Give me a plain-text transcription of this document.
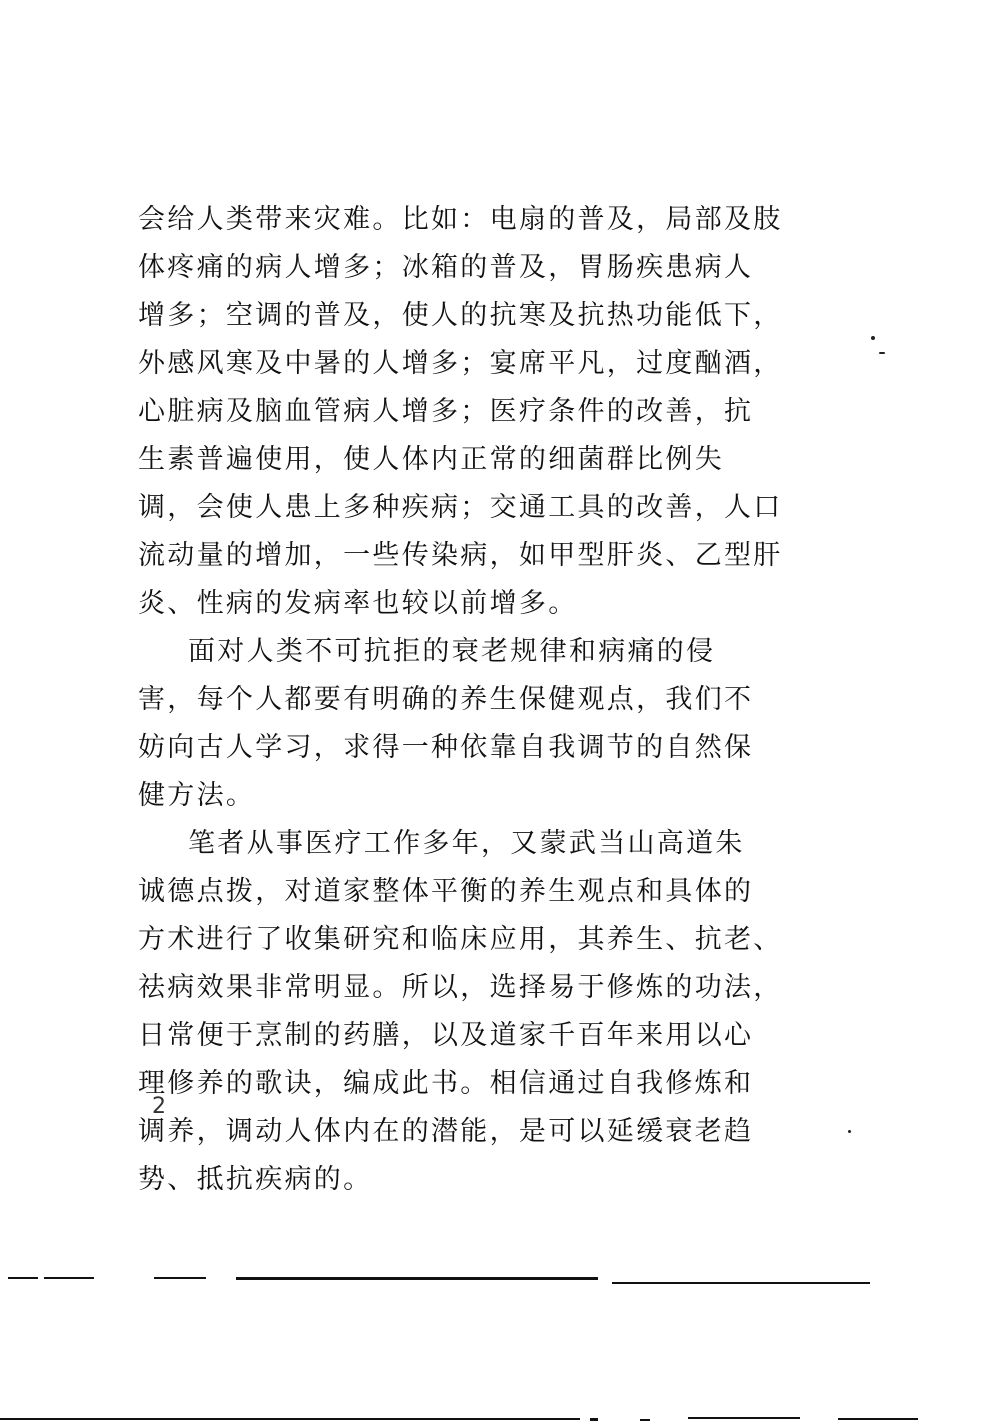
会给人类带来灾难。比如：电扇的普及，局部及肢
体疼痛的病人增多；冰箱的普及，胃肠疾患病人
增多；空调的普及，使人的抗寒及抗热功能低下，
外感风寒及中暑的人增多；宴席平凡，过度酗酒，
心脏病及脑血管病人增多；医疗条件的改善，抗
生素普遍使用，使人体内正常的细菌群比例失
调，会使人患上多种疾病；交通工具的改善，人口
流动量的增加，一些传染病，如甲型肝炎、乙型肝
炎、性病的发病率也较以前增多。
面对人类不可抗拒的衰老规律和病痛的侵
害，每个人都要有明确的养生保健观点，我们不
妨向古人学习，求得一种依靠自我调节的自然保
健方法。
笔者从事医疗工作多年，又蒙武当山高道朱
诚德点拨，对道家整体平衡的养生观点和具体的
方术进行了收集研究和临床应用，其养生、抗老、
祛病效果非常明显。所以，选择易于修炼的功法，
日常便于烹制的药膳，以及道家千百年来用以心
理修养的歌诀，编成此书。相信通过自我修炼和
调养，调动人体内在的潜能，是可以延缓衰老趋
势、抵抗疾病的。
2
